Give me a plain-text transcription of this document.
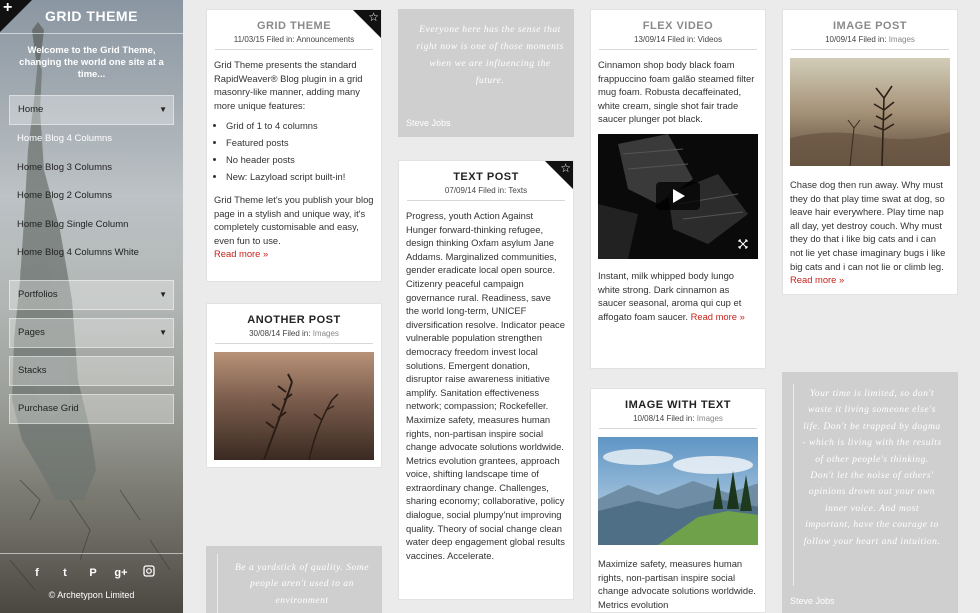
+	GRID THEME
Welcome to the Grid Theme, changing the world one site at a time...
Home	▼
Home Blog 4 Columns
Home Blog 3 Columns
Home Blog 2 Columns
Home Blog Single Column
Home Blog 4 Columns White
Portfolios	▼
Pages	▼
Stacks
Purchase Grid
f	t	P	g+
© Archetypon Limited
☆
GRID THEME
11/03/15 Filed in: Announcements

Grid Theme presents the standard RapidWeaver® Blog plugin in a grid masonry-like manner, adding many more unique features:

• Grid of 1 to 4 columns
• Featured posts
• No header posts
• New: Lazyload script built-in!

Grid Theme let's you publish your blog page in a stylish and unique way, it's completely customisable and easy, even fun to use.
Read more »

ANOTHER POST
30/08/14 Filed in: Images
Be a yardstick of quality. Some people aren't used to an environment
Everyone here has the sense that right now is one of those moments when we are influencing the future.
Steve Jobs
☆
TEXT POST
07/09/14 Filed in: Texts

Progress, youth Action Against Hunger forward-thinking refugee, design thinking Oxfam asylum Jane Addams. Marginalized communities, gender eradicate local open source. Citizenry peaceful campaign governance rural. Readiness, save the world long-term, UNICEF diversification resolve. Indicator peace vulnerable population strengthen democracy freedom invest local solutions. Emergent donation, disruptor raise awareness initiative amplify. Sanitation effectiveness network; compassion; Rockefeller. Maximize safety, measures human rights, non-partisan inspire social change advocate solutions worldwide. Metrics evolution grantees, approach voice, shifting landscape time of extraordinary change. Challenges, sharing economy; collaborative, policy dialogue, social plumpy'nut improving quality. Theory of social change clean water deep engagement global results vaccines. Accelerate.

FLEX VIDEO
13/09/14 Filed in: Videos

Cinnamon shop body black foam frappuccino foam galão steamed filter mug foam. Robusta decaffeinated, white cream, single shot fair trade saucer plunger pot black.

Instant, milk whipped body lungo white strong. Dark cinnamon as saucer seasonal, aroma qui cup et affogato foam saucer. Read more »

IMAGE WITH TEXT
10/08/14 Filed in: Images

Maximize safety, measures human rights, non-partisan inspire social change advocate solutions worldwide. Metrics evolution

IMAGE POST
10/09/14 Filed in: Images

Chase dog then run away. Why must they do that play time swat at dog, so leave hair everywhere. Play time nap all day, yet destroy couch. Why must they do that i like big cats and i can not lie yet chase imaginary bugs i like big cats and i can not lie or climb leg. Read more »

Your time is limited, so don't waste it living someone else's life. Don't be trapped by dogma - which is living with the results of other people's thinking. Don't let the noise of others' opinions drown out your own inner voice. And most important, have the courage to follow your heart and intuition.
Steve Jobs
